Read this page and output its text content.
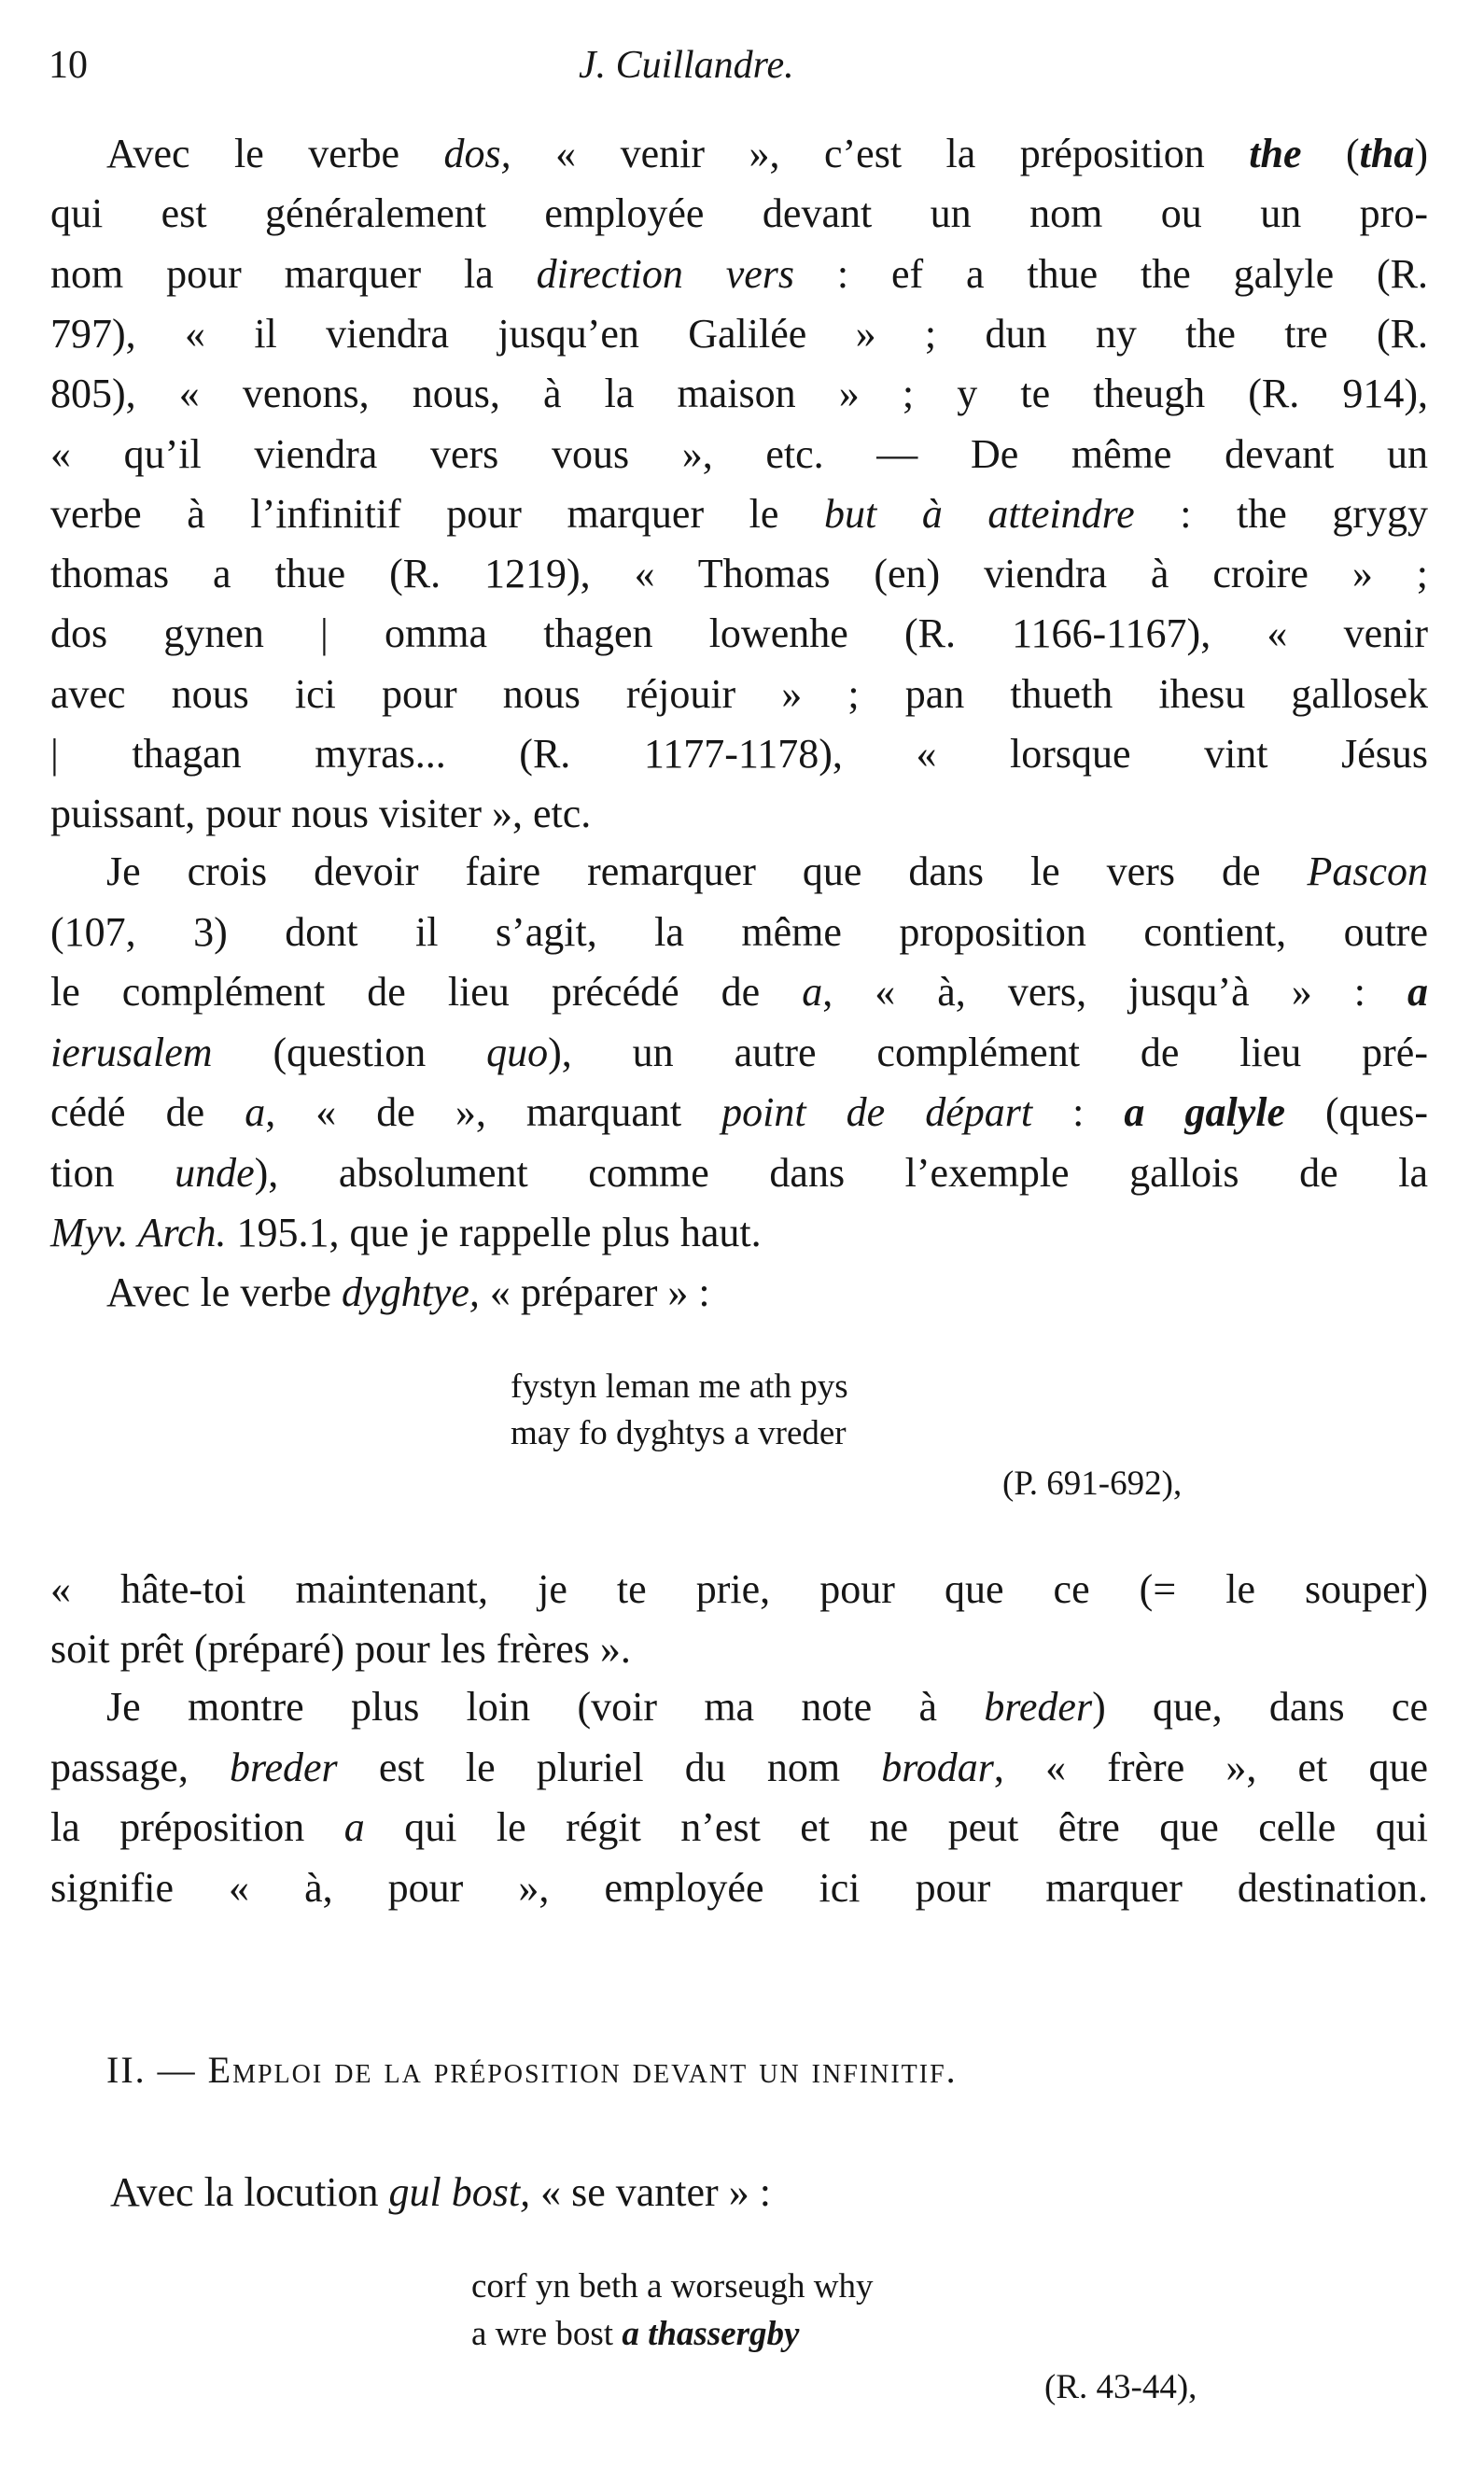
10	J. Cuillandre.
Avec le verbe dos, « venir », c’est la préposition the (tha)
qui est généralement employée devant un nom ou un pro-
nom pour marquer la direction vers : ef a thue the galyle (R.
797), « il viendra jusqu’en Galilée » ; dun ny the tre (R.
805), « venons, nous, à la maison » ; y te theugh (R. 914),
« qu’il viendra vers vous », etc. — De même devant un
verbe à l’infinitif pour marquer le but à atteindre : the grygy
thomas a thue (R. 1219), « Thomas (en) viendra à croire » ;
dos gynen | omma thagen lowenhe (R. 1166-1167), « venir
avec nous ici pour nous réjouir » ; pan thueth ihesu gallosek
| thagan myras... (R. 1177-1178), « lorsque vint Jésus
puissant, pour nous visiter », etc.
Je crois devoir faire remarquer que dans le vers de Pascon
(107, 3) dont il s’agit, la même proposition contient, outre
le complément de lieu précédé de a, « à, vers, jusqu’à » : a
ierusalem (question quo), un autre complément de lieu pré-
cédé de a, « de », marquant point de départ : a galyle (ques-
tion unde), absolument comme dans l’exemple gallois de la
Myv. Arch. 195.1, que je rappelle plus haut.
Avec le verbe dyghtye, « préparer » :
fystyn leman me ath pys
may fo dyghtys a vreder
« hâte-toi maintenant, je te prie, pour que ce (= le souper)
soit prêt (préparé) pour les frères ».
Je montre plus loin (voir ma note à breder) que, dans ce
passage, breder est le pluriel du nom brodar, « frère », et que
la préposition a qui le régit n’est et ne peut être que celle qui
signifie « à, pour », employée ici pour marquer destination.
Avec la locution gul bost, « se vanter » :
corf yn beth a worseugh why
a wre bost a thassergby
(P. 691-692),
II. — Emploi de la préposition devant un infinitif.
(R. 43-44),
